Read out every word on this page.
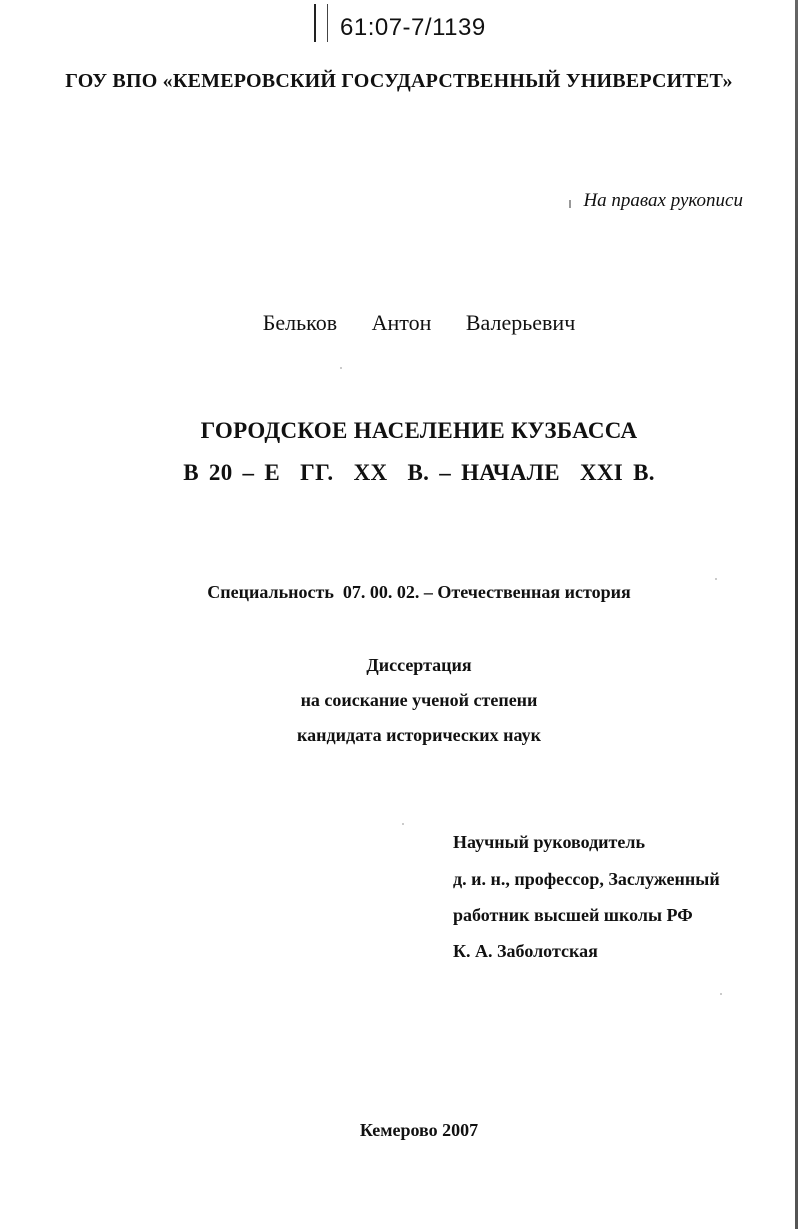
61:07-7/1139
ГОУ ВПО «КЕМЕРОВСКИЙ ГОСУДАРСТВЕННЫЙ УНИВЕРСИТЕТ»
На правах рукописи
Бельков   Антон   Валерьевич
ГОРОДСКОЕ НАСЕЛЕНИЕ КУЗБАССА
В 20 – Е  ГГ.  ХХ  В. – НАЧАЛЕ  ХХI В.
Специальность  07. 00. 02. – Отечественная история
Диссертация
на соискание ученой степени
кандидата исторических наук
Научный руководитель
д. и. н., профессор, Заслуженный
работник высшей школы РФ
К. А. Заболотская
Кемерово 2007
